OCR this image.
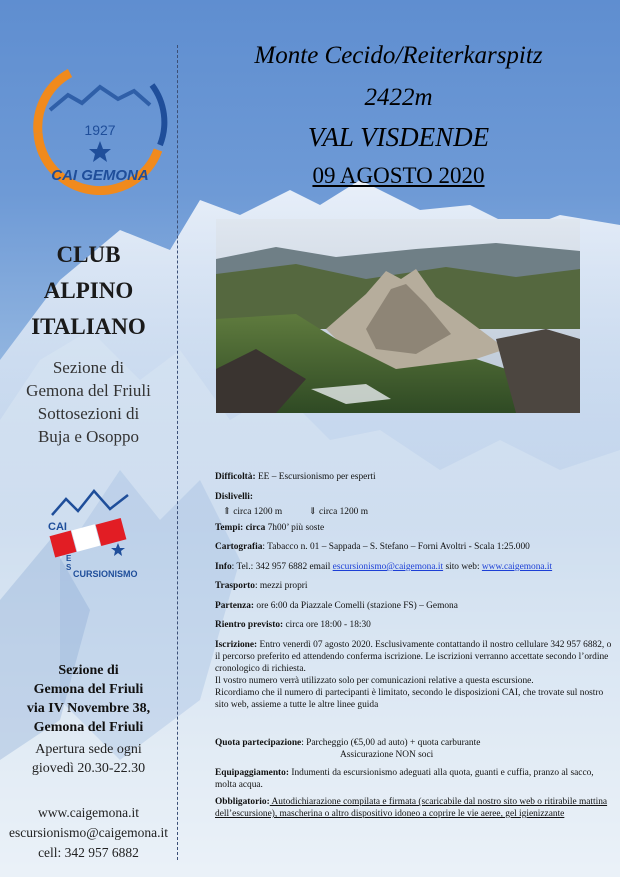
1927
CAI GEMONA
CLUB
ALPINO
ITALIANO
Sezione di
Gemona del Friuli
Sottosezioni di
Buja e Osoppo
CAI
E
S
CURSIONISMO
Sezione di
Gemona del Friuli
via IV Novembre 38,
Gemona del Friuli
Apertura sede ogni
giovedì 20.30-22.30
www.caigemona.it
escursionismo@caigemona.it
cell: 342 957 6882
Monte Cecido/Reiterkarspitz
2422m
VAL VISDENDE
09 AGOSTO 2020
Difficoltà: EE – Escursionismo per esperti
Dislivelli:
⇑ circa 1200 m	⇓ circa 1200 m
Tempi: circa 7h00’ più soste
Cartografia: Tabacco n. 01 – Sappada – S. Stefano – Forni Avoltri - Scala 1:25.000
Info: Tel.: 342 957 6882 email escursionismo@caigemona.it sito web: www.caigemona.it
Trasporto: mezzi propri
Partenza: ore 6:00 da Piazzale Comelli (stazione FS) – Gemona
Rientro previsto: circa ore 18:00 - 18:30
Iscrizione: Entro venerdì 07 agosto 2020. Esclusivamente contattando il nostro cellulare 342 957 6882, o il percorso preferito ed attendendo conferma iscrizione. Le iscrizioni verranno accettate secondo l’ordine cronologico di richiesta.
Il vostro numero verrà utilizzato solo per comunicazioni relative a questa escursione.
Ricordiamo che il numero di partecipanti è limitato, secondo le disposizioni CAI, che trovate sul nostro sito web, assieme a tutte le altre linee guida
Quota partecipazione: Parcheggio (€5,00 ad auto) + quota carburante
Assicurazione NON soci
Equipaggiamento: Indumenti da escursionismo adeguati alla quota, guanti e cuffia, pranzo al sacco, molta acqua.
Obbligatorio: Autodichiarazione compilata e firmata (scaricabile dal nostro sito web o ritirabile mattina dell’escursione), mascherina o altro dispositivo idoneo a coprire le vie aeree, gel igienizzante
